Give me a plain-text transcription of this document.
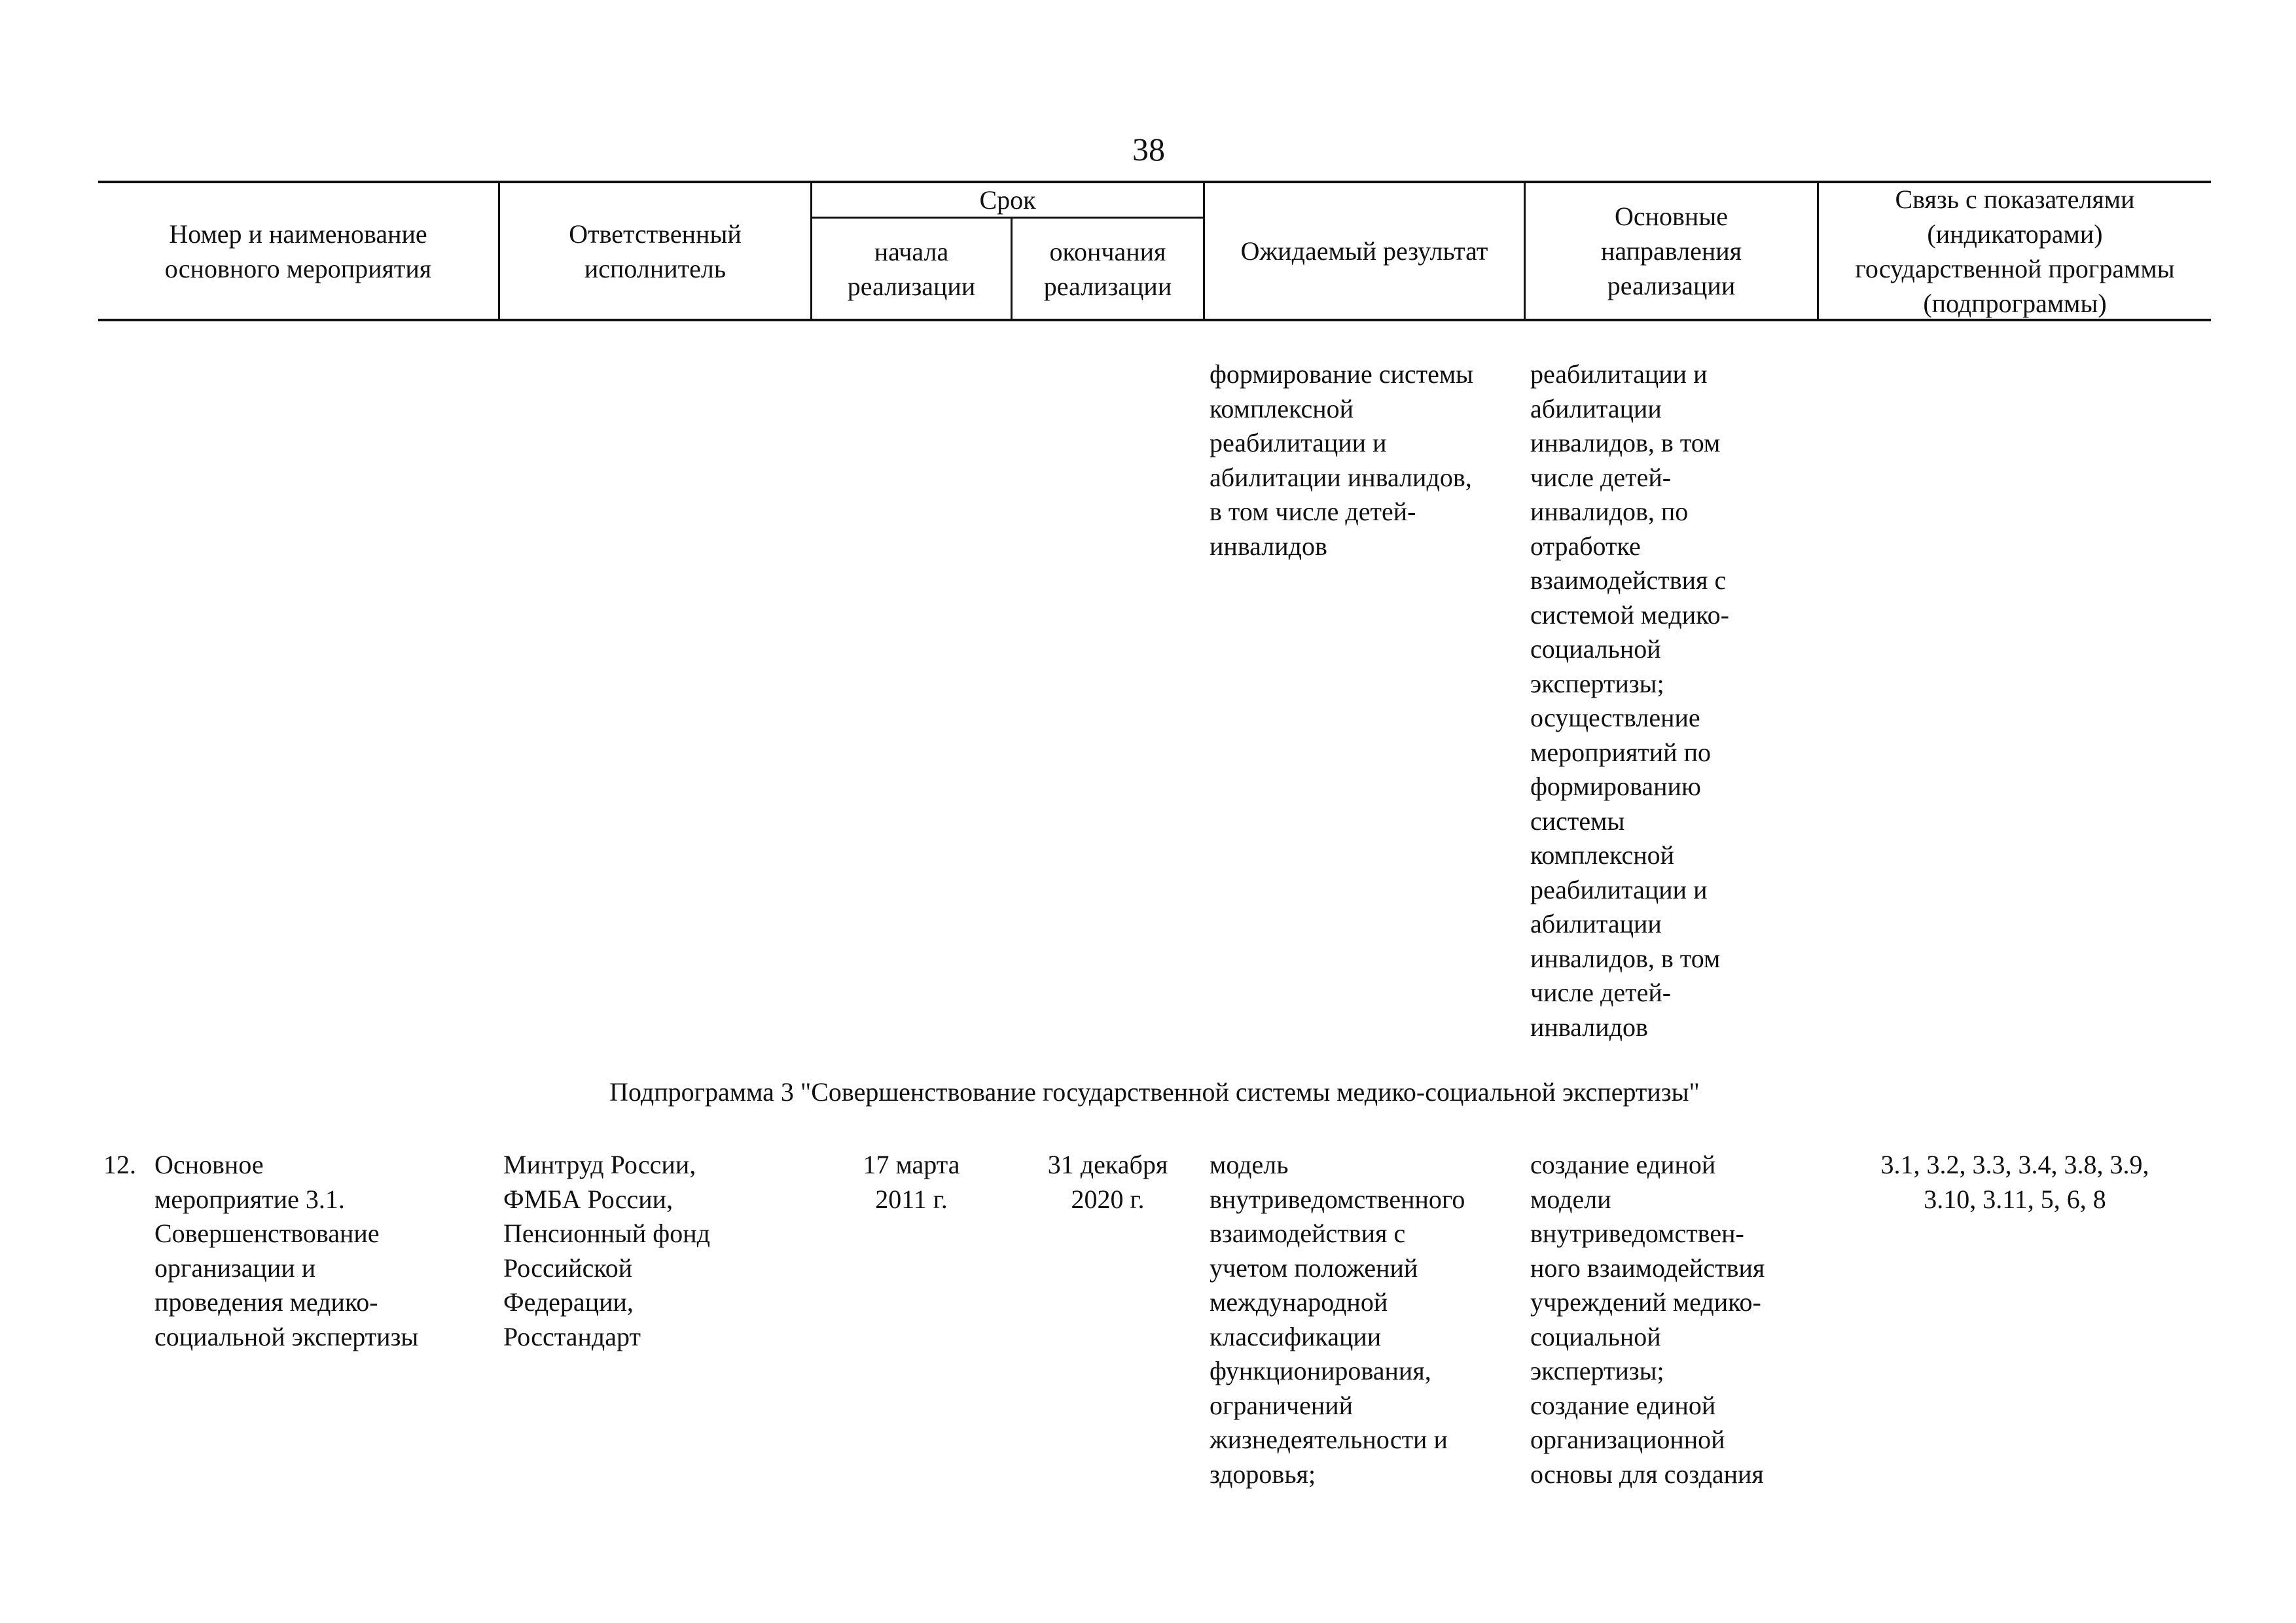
38
Номер и наименование
основного мероприятия
Ответственный
исполнитель
Срок
начала
реализации
окончания
реализации
Ожидаемый результат
Основные
направления
реализации
Связь с показателями
(индикаторами)
государственной программы
(подпрограммы)
формирование системы
комплексной
реабилитации и
абилитации инвалидов,
в том числе детей-
инвалидов
реабилитации и
абилитации
инвалидов, в том
числе детей-
инвалидов, по
отработке
взаимодействия с
системой медико-
социальной
экспертизы;
осуществление
мероприятий по
формированию
системы
комплексной
реабилитации и
абилитации
инвалидов, в том
числе детей-
инвалидов
Подпрограмма 3 "Совершенствование государственной системы медико-социальной экспертизы"
12. Основное
мероприятие 3.1.
Совершенствование
организации и
проведения медико-
социальной экспертизы
Минтруд России,
ФМБА России,
Пенсионный фонд
Российской
Федерации,
Росстандарт
17 марта
2011 г.
31 декабря
2020 г.
модель
внутриведомственного
взаимодействия с
учетом положений
международной
классификации
функционирования,
ограничений
жизнедеятельности и
здоровья;
создание единой
модели
внутриведомствен-
ного взаимодействия
учреждений медико-
социальной
экспертизы;
создание единой
организационной
основы для создания
3.1, 3.2, 3.3, 3.4, 3.8, 3.9,
3.10, 3.11, 5, 6, 8
